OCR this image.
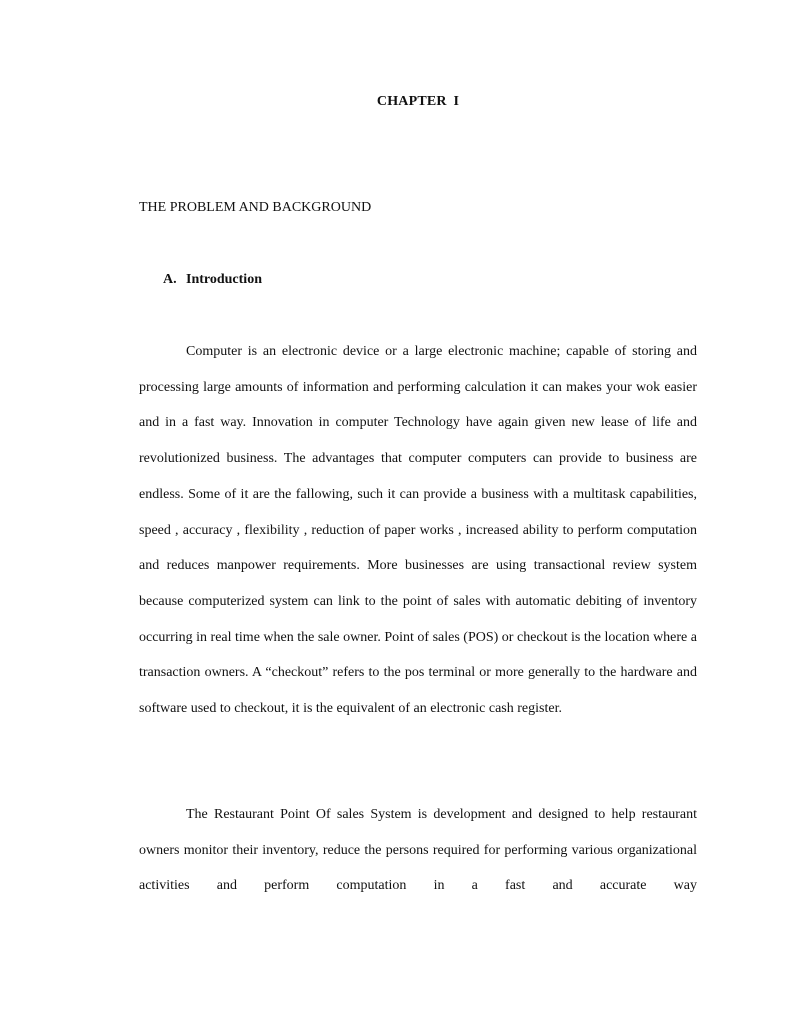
CHAPTER I
THE PROBLEM AND BACKGROUND
A. Introduction

Computer is an electronic device or a large electronic machine; capable of storing and processing large amounts of information and performing calculation it can makes your wok easier and in a fast way. Innovation in computer Technology have again given new lease of life and revolutionized business. The advantages that computer computers can provide to business are endless. Some of it are the fallowing, such it can provide a business with a multitask capabilities, speed , accuracy , flexibility , reduction of paper works , increased ability to perform computation and reduces manpower requirements. More businesses are using transactional review system because computerized system can link to the point of sales with automatic debiting of inventory occurring in real time when the sale owner. Point of sales (POS) or checkout is the location where a transaction owners. A “checkout” refers to the pos terminal or more generally to the hardware and software used to checkout, it is the equivalent of an electronic cash register.

The Restaurant Point Of sales System is development and designed to help restaurant owners monitor their inventory, reduce the persons required for performing various organizational activities and perform computation in a fast and accurate way
